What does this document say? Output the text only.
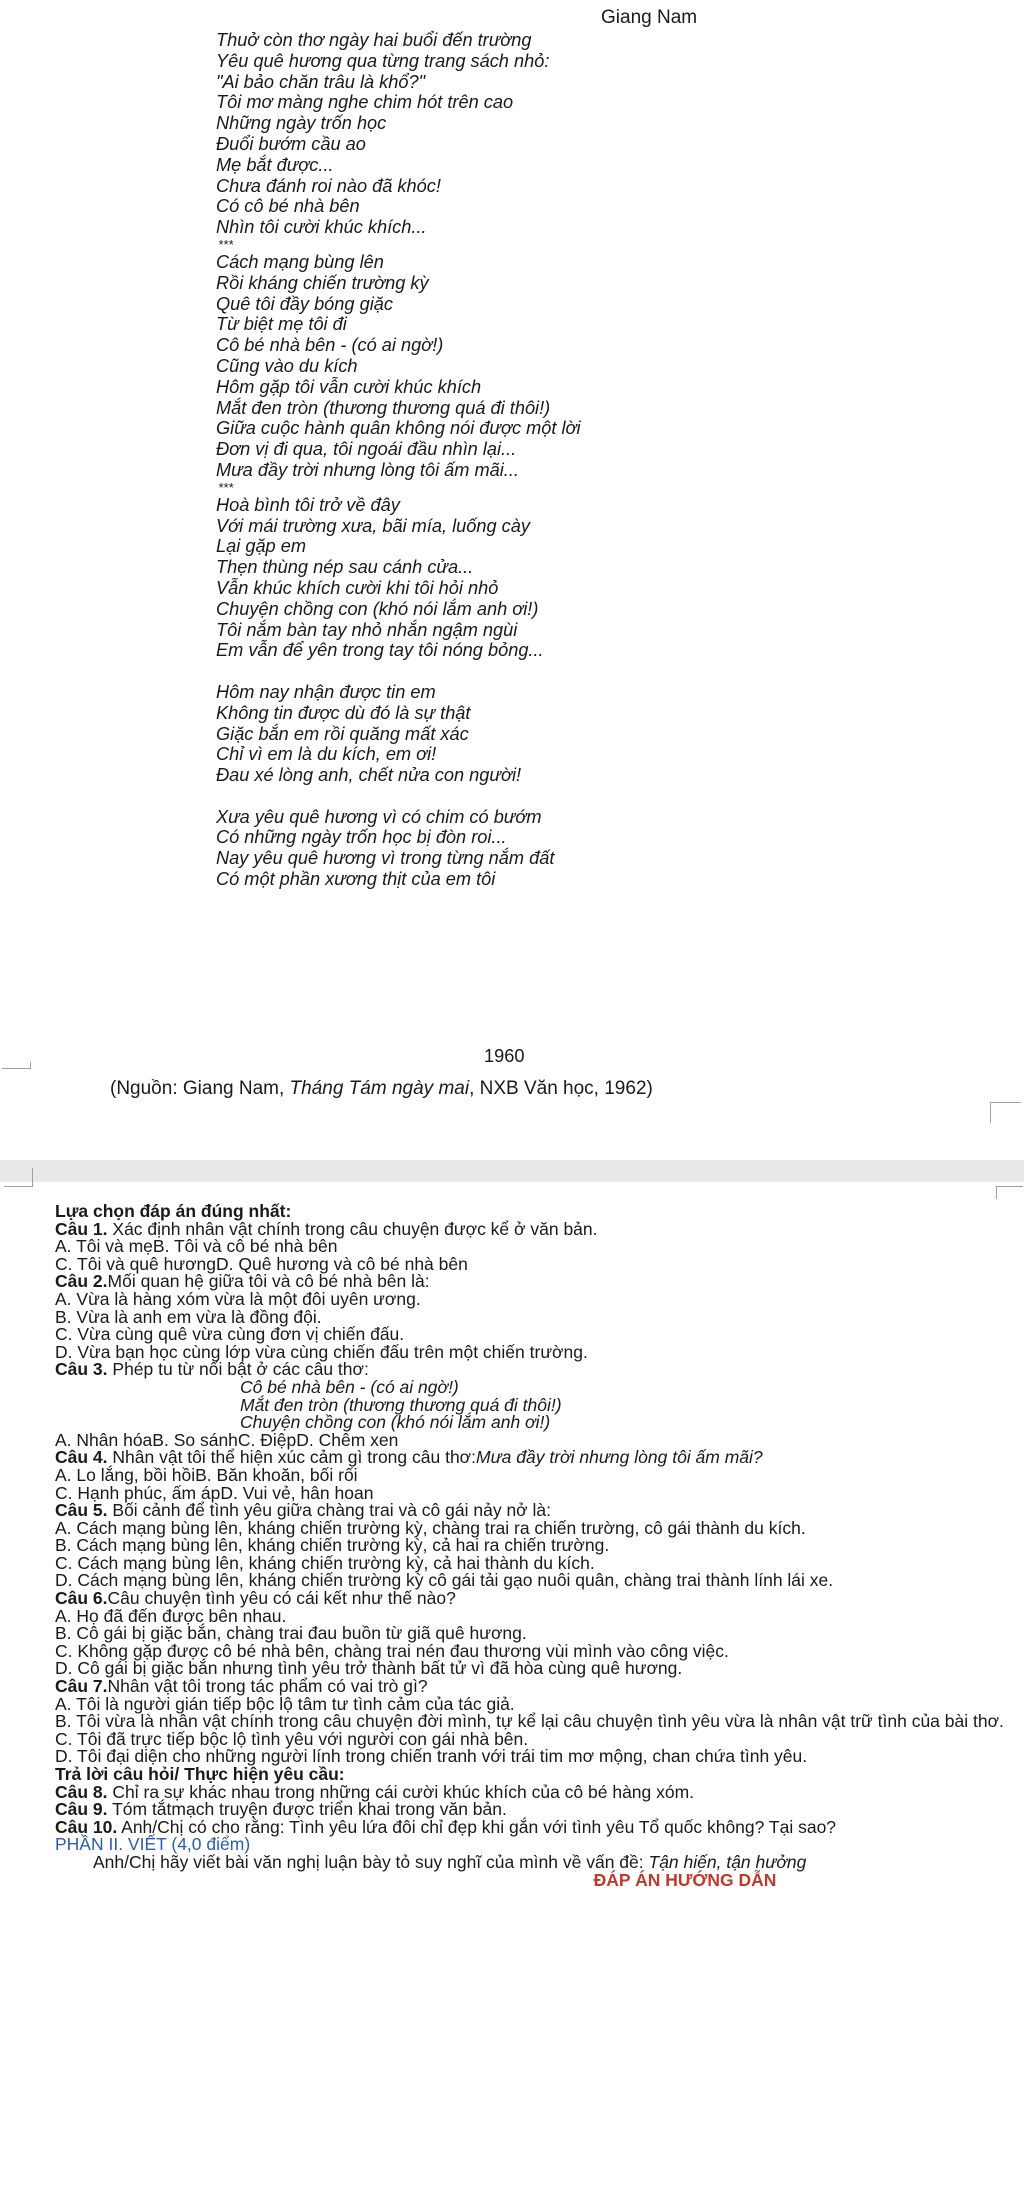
Giang Nam
Thuở còn thơ ngày hai buổi đến trường
Yêu quê hương qua từng trang sách nhỏ:
"Ai bảo chăn trâu là khổ?"
Tôi mơ màng nghe chim hót trên cao
Những ngày trốn học
Đuổi bướm cầu ao
Mẹ bắt được...
Chưa đánh roi nào đã khóc!
Có cô bé nhà bên
Nhìn tôi cười khúc khích...
***
Cách mạng bùng lên
Rồi kháng chiến trường kỳ
Quê tôi đầy bóng giặc
Từ biệt mẹ tôi đi
Cô bé nhà bên - (có ai ngờ!)
Cũng vào du kích
Hôm gặp tôi vẫn cười khúc khích
Mắt đen tròn (thương thương quá đi thôi!)
Giữa cuộc hành quân không nói được một lời
Đơn vị đi qua, tôi ngoái đầu nhìn lại...
Mưa đầy trời nhưng lòng tôi ấm mãi...
***
Hoà bình tôi trở về đây
Với mái trường xưa, bãi mía, luống cày
Lại gặp em
Thẹn thùng nép sau cánh cửa...
Vẫn khúc khích cười khi tôi hỏi nhỏ
Chuyện chồng con (khó nói lắm anh ơi!)
Tôi nắm bàn tay nhỏ nhắn ngậm ngùi
Em vẫn để yên trong tay tôi nóng bỏng...
Hôm nay nhận được tin em
Không tin được dù đó là sự thật
Giặc bắn em rồi quăng mất xác
Chỉ vì em là du kích, em ơi!
Đau xé lòng anh, chết nửa con người!
Xưa yêu quê hương vì có chim có bướm
Có những ngày trốn học bị đòn roi...
Nay yêu quê hương vì trong từng nắm đất
Có một phần xương thịt của em tôi
1960
(Nguồn: Giang Nam, Tháng Tám ngày mai, NXB Văn học, 1962)
Lựa chọn đáp án đúng nhất:
Câu 1. Xác định nhân vật chính trong câu chuyện được kể ở văn bản.
A. Tôi và mẹB. Tôi và cô bé nhà bên
C. Tôi và quê hươngD. Quê hương và cô bé nhà bên
Câu 2.Mối quan hệ giữa tôi và cô bé nhà bên là:
A. Vừa là hàng xóm vừa là một đôi uyên ương.
B. Vừa là anh em vừa là đồng đội.
C. Vừa cùng quê vừa cùng đơn vị chiến đấu.
D. Vừa bạn học cùng lớp vừa cùng chiến đấu trên một chiến trường.
Câu 3. Phép tu từ nổi bật ở các câu thơ:
Cô bé nhà bên - (có ai ngờ!)
Mắt đen tròn (thương thương quá đi thôi!)
Chuyện chồng con (khó nói lắm anh ơi!)
A. Nhân hóaB. So sánhC. ĐiệpD. Chêm xen
Câu 4. Nhân vật tôi thể hiện xúc cảm gì trong câu thơ:Mưa đầy trời nhưng lòng tôi ấm mãi?
A. Lo lắng, bồi hồiB. Băn khoăn, bối rối
C. Hạnh phúc, ấm ápD. Vui vẻ, hân hoan
Câu 5. Bối cảnh để tình yêu giữa chàng trai và cô gái nảy nở là:
A. Cách mạng bùng lên, kháng chiến trường kỳ, chàng trai ra chiến trường, cô gái thành du kích.
B. Cách mạng bùng lên, kháng chiến trường kỳ, cả hai ra chiến trường.
C. Cách mạng bùng lên, kháng chiến trường kỳ, cả hai thành du kích.
D. Cách mạng bùng lên, kháng chiến trường kỳ cô gái tải gạo nuôi quân, chàng trai thành lính lái xe.
Câu 6.Câu chuyện tình yêu có cái kết như thế nào?
A. Họ đã đến được bên nhau.
B. Cô gái bị giặc bắn, chàng trai đau buồn từ giã quê hương.
C. Không gặp được cô bé nhà bên, chàng trai nén đau thương vùi mình vào công việc.
D. Cô gái bị giặc bắn nhưng tình yêu trở thành bất tử vì đã hòa cùng quê hương.
Câu 7.Nhân vật tôi trong tác phẩm có vai trò gì?
A. Tôi là người gián tiếp bộc lộ tâm tư tình cảm của tác giả.
B. Tôi vừa là nhân vật chính trong câu chuyện đời mình, tự kể lại câu chuyện tình yêu vừa là nhân vật trữ tình của bài thơ.
C. Tôi đã trực tiếp bộc lộ tình yêu với người con gái nhà bên.
D. Tôi đại diện cho những người lính trong chiến tranh với trái tim mơ mộng, chan chứa tình yêu.
Trả lời câu hỏi/ Thực hiện yêu cầu:
Câu 8. Chỉ ra sự khác nhau trong những cái cười khúc khích của cô bé hàng xóm.
Câu 9. Tóm tắtmạch truyện được triển khai trong văn bản.
Câu 10. Anh/Chị có cho rằng: Tình yêu lứa đôi chỉ đẹp khi gắn với tình yêu Tổ quốc không? Tại sao?
PHẦN II. VIẾT (4,0 điểm)
Anh/Chị hãy viết bài văn nghị luận bày tỏ suy nghĩ của mình về vấn đề: Tận hiến, tận hưởng
ĐÁP ÁN HƯỚNG DẪN
